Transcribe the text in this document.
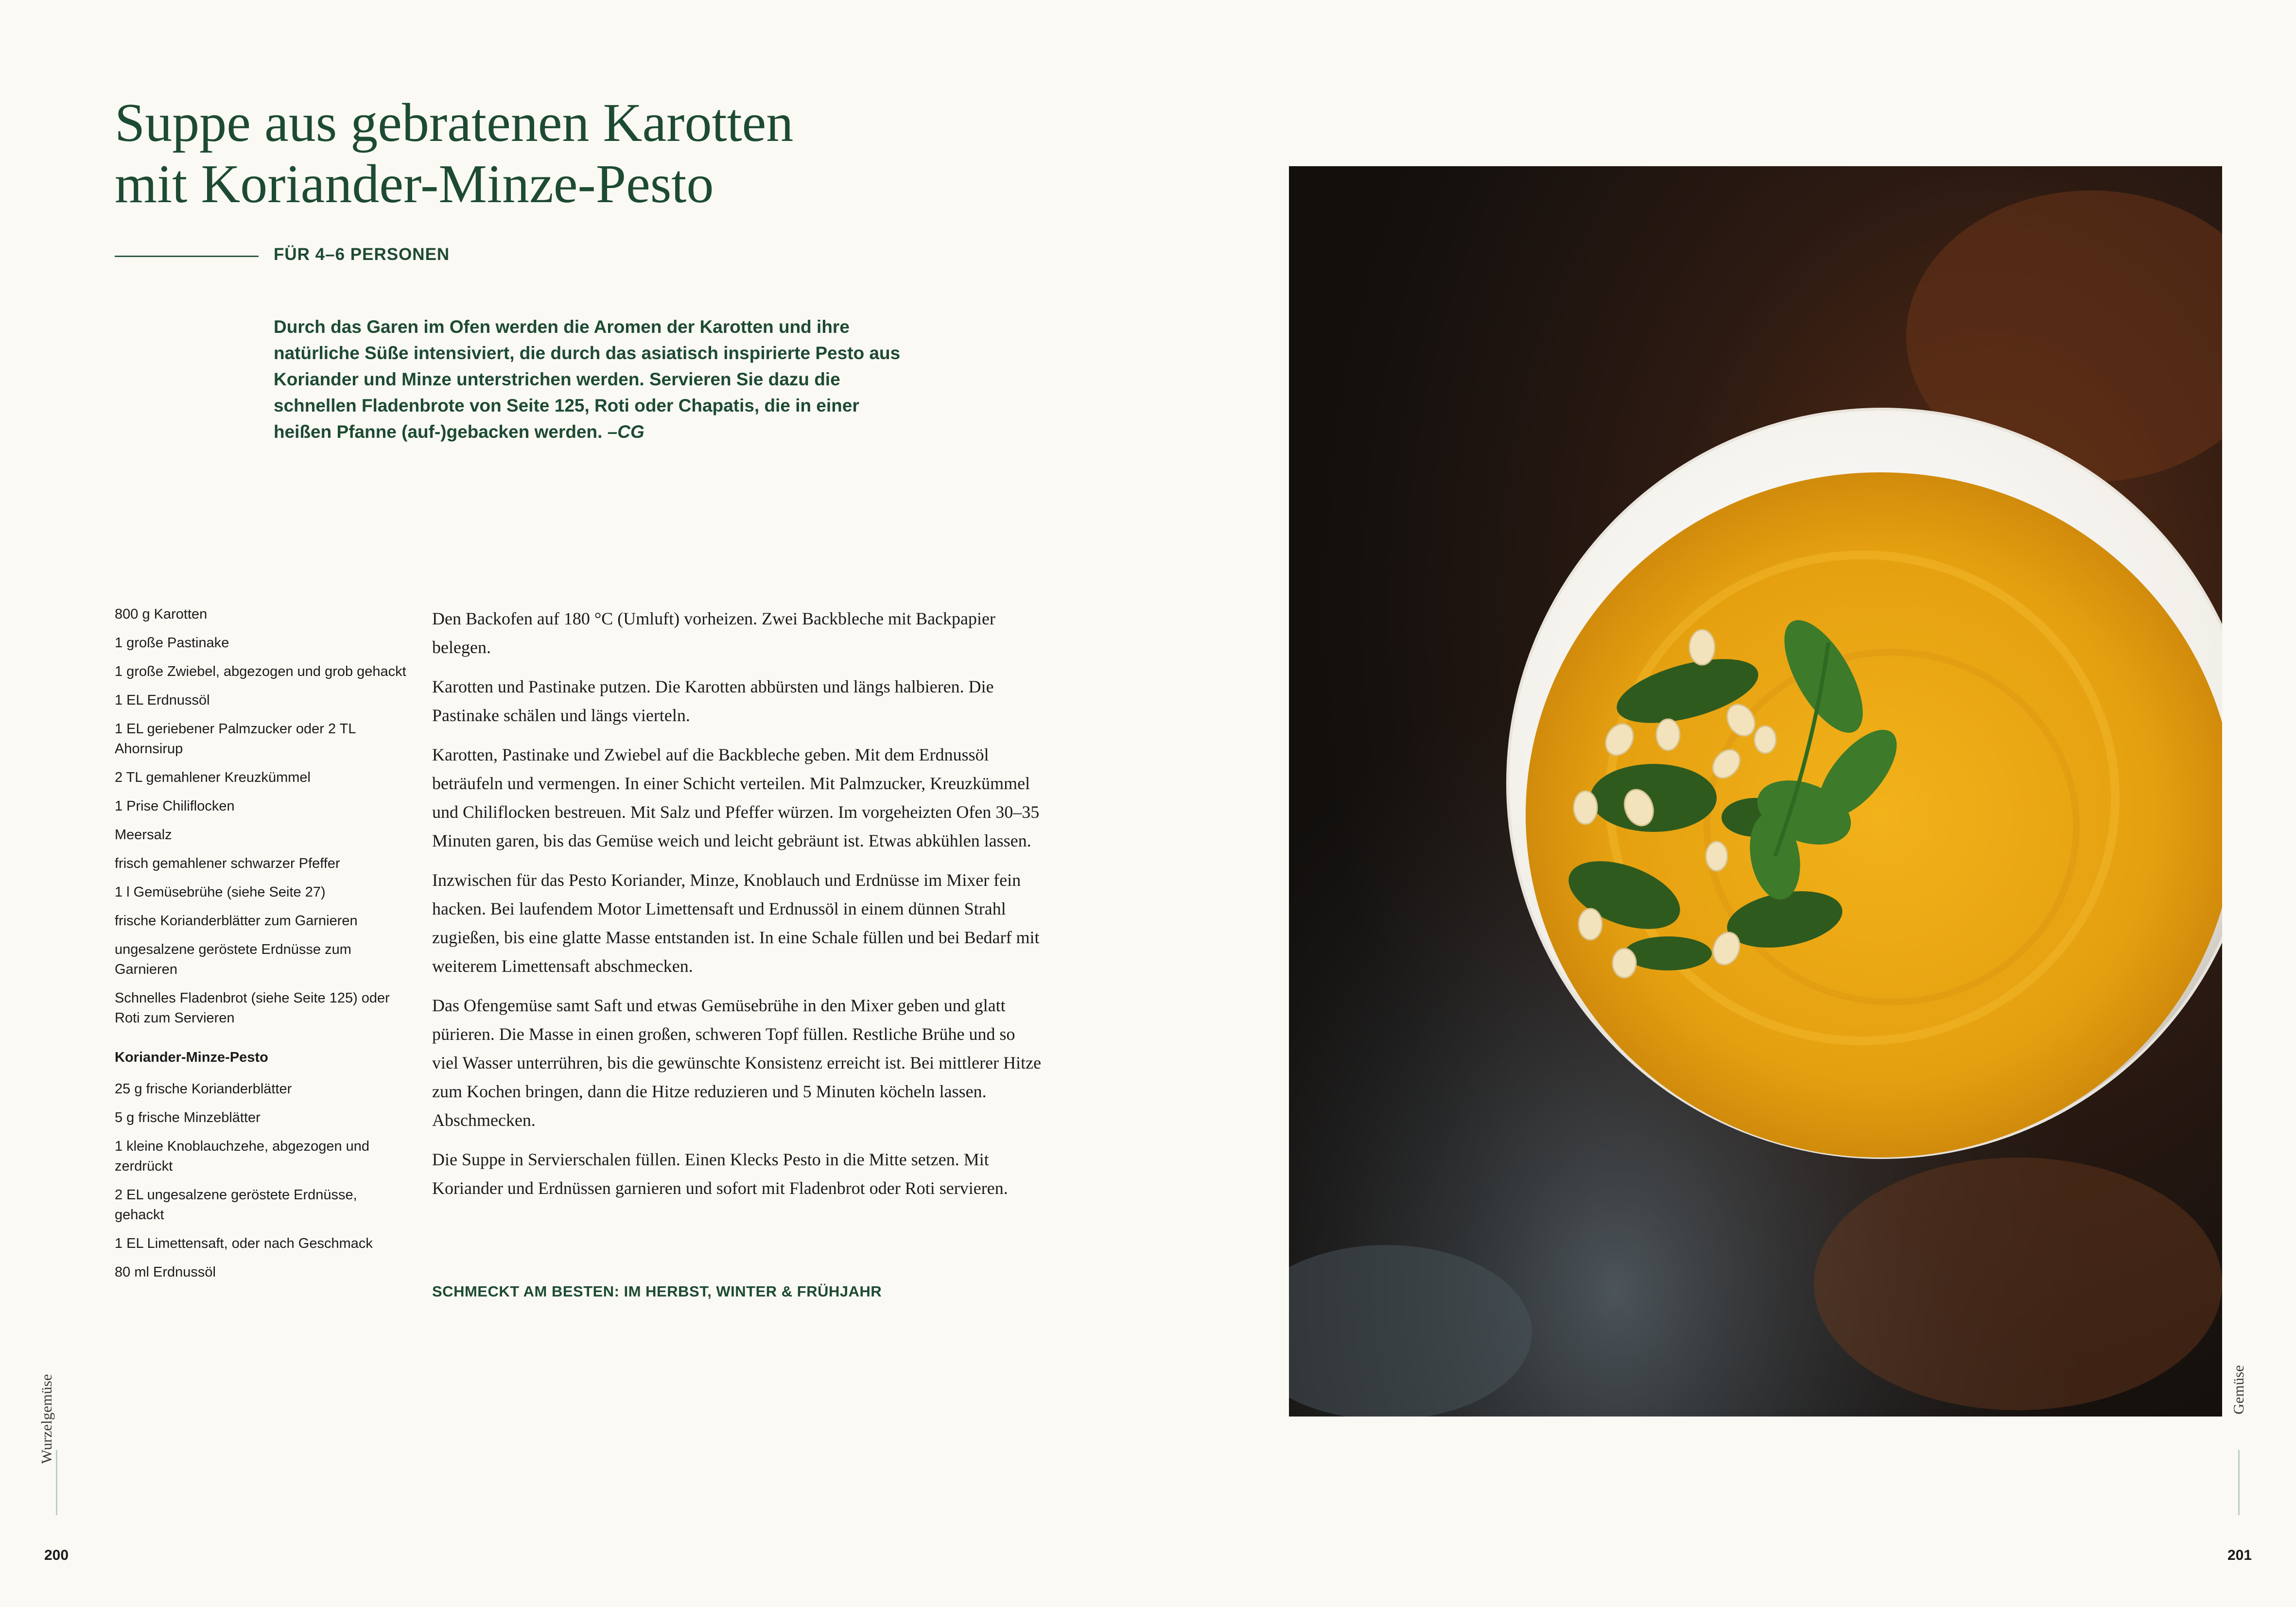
Suppe aus gebratenen Karotten
mit Koriander-Minze-Pesto
FÜR 4–6 PERSONEN

Durch das Garen im Ofen werden die Aromen der Karotten und ihre natürliche Süße intensiviert, die durch das asiatisch inspirierte Pesto aus Koriander und Minze unterstrichen werden. Servieren Sie dazu die schnellen Fladenbrote von Seite 125, Roti oder Chapatis, die in einer heißen Pfanne (auf-)gebacken werden. –CG

800 g Karotten
1 große Pastinake
1 große Zwiebel, abgezogen und grob gehackt
1 EL Erdnussöl
1 EL geriebener Palmzucker oder 2 TL Ahornsirup
2 TL gemahlener Kreuzkümmel
1 Prise Chiliflocken
Meersalz
frisch gemahlener schwarzer Pfeffer
1 l Gemüsebrühe (siehe Seite 27)
frische Korianderblätter zum Garnieren
ungesalzene geröstete Erdnüsse zum Garnieren
Schnelles Fladenbrot (siehe Seite 125) oder Roti zum Servieren
Koriander-Minze-Pesto
25 g frische Korianderblätter
5 g frische Minzeblätter
1 kleine Knoblauchzehe, abgezogen und zerdrückt
2 EL ungesalzene geröstete Erdnüsse, gehackt
1 EL Limettensaft, oder nach Geschmack
80 ml Erdnussöl

Den Backofen auf 180 °C (Umluft) vorheizen. Zwei Backbleche mit Backpapier belegen.

Karotten und Pastinake putzen. Die Karotten abbürsten und längs halbieren. Die Pastinake schälen und längs vierteln.

Karotten, Pastinake und Zwiebel auf die Backbleche geben. Mit dem Erdnussöl beträufeln und vermengen. In einer Schicht verteilen. Mit Palmzucker, Kreuzkümmel und Chiliflocken bestreuen. Mit Salz und Pfeffer würzen. Im vorgeheizten Ofen 30–35 Minuten garen, bis das Gemüse weich und leicht gebräunt ist. Etwas abkühlen lassen.

Inzwischen für das Pesto Koriander, Minze, Knoblauch und Erdnüsse im Mixer fein hacken. Bei laufendem Motor Limettensaft und Erdnussöl in einem dünnen Strahl zugießen, bis eine glatte Masse entstanden ist. In eine Schale füllen und bei Bedarf mit weiterem Limettensaft abschmecken.

Das Ofengemüse samt Saft und etwas Gemüsebrühe in den Mixer geben und glatt pürieren. Die Masse in einen großen, schweren Topf füllen. Restliche Brühe und so viel Wasser unterrühren, bis die gewünschte Konsistenz erreicht ist. Bei mittlerer Hitze zum Kochen bringen, dann die Hitze reduzieren und 5 Minuten köcheln lassen. Abschmecken.

Die Suppe in Servierschalen füllen. Einen Klecks Pesto in die Mitte setzen. Mit Koriander und Erdnüssen garnieren und sofort mit Fladenbrot oder Roti servieren.

SCHMECKT AM BESTEN: IM HERBST, WINTER & FRÜHJAHR
Wurzelgemüse
200
Gemüse
201
